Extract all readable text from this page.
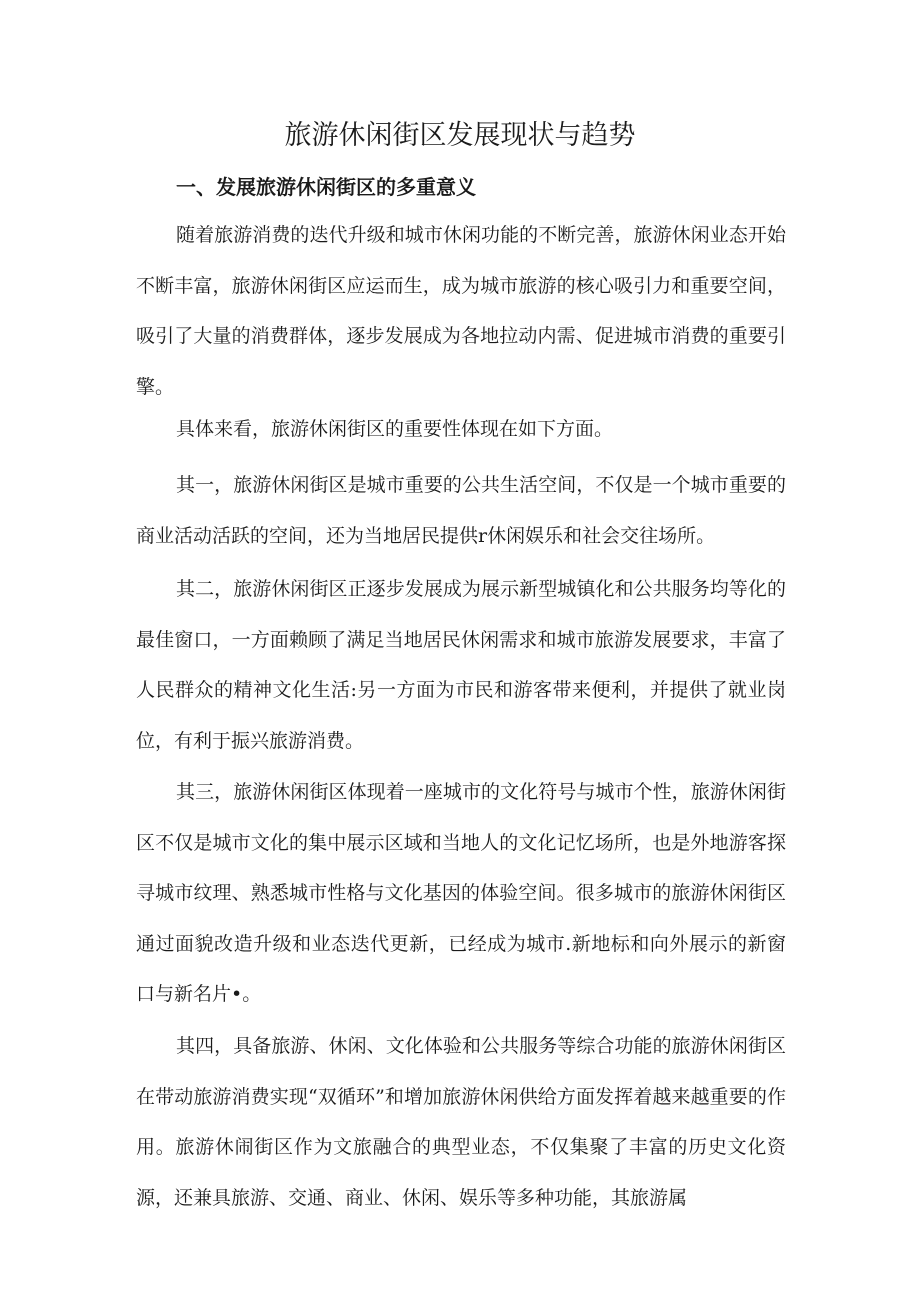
旅游休闲街区发展现状与趋势
一、发展旅游休闲街区的多重意义

随着旅游消费的迭代升级和城市休闲功能的不断完善，旅游休闲业态开始不断丰富，旅游休闲街区应运而生，成为城市旅游的核心吸引力和重要空间，吸引了大量的消费群体，逐步发展成为各地拉动内需、促进城市消费的重要引擎。

具体来看，旅游休闲街区的重要性体现在如下方面。

其一，旅游休闲街区是城市重要的公共生活空间，不仅是一个城市重要的商业活动活跃的空间，还为当地居民提供r休闲娱乐和社会交往场所。

其二，旅游休闲街区正逐步发展成为展示新型城镇化和公共服务均等化的最佳窗口，一方面赖顾了满足当地居民休闲需求和城市旅游发展要求，丰富了人民群众的精神文化生活:另一方面为市民和游客带来便利，并提供了就业岗位，有利于振兴旅游消费。

其三，旅游休闲街区体现着一座城市的文化符号与城市个性，旅游休闲街区不仅是城市文化的集中展示区域和当地人的文化记忆场所，也是外地游客探寻城市纹理、熟悉城市性格与文化基因的体验空间。很多城市的旅游休闲街区通过面貌改造升级和业态迭代更新，已经成为城市.新地标和向外展示的新窗口与新名片•。

其四，具备旅游、休闲、文化体验和公共服务等综合功能的旅游休闲街区在带动旅游消费实现“双循环”和增加旅游休闲供给方面发挥着越来越重要的作用。旅游休闹街区作为文旅融合的典型业态，不仅集聚了丰富的历史文化资源，还兼具旅游、交通、商业、休闲、娱乐等多种功能，其旅游属
